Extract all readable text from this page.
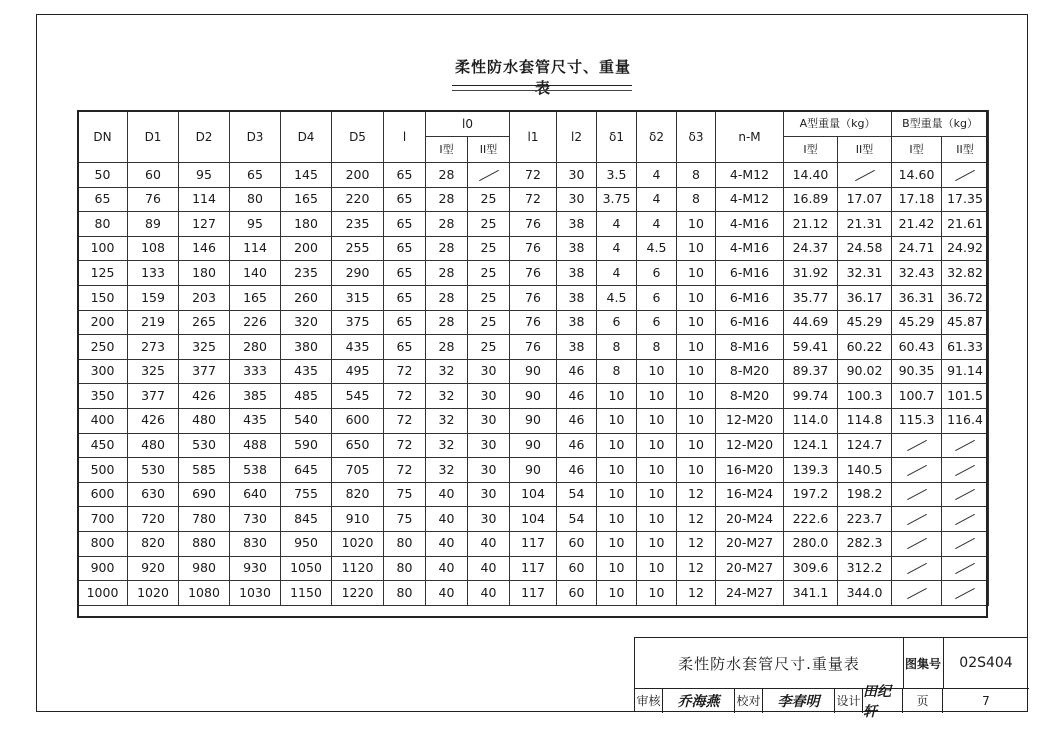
柔性防水套管尺寸、重量表
DN	D1	D2	D3	D4	D5	l	l0		l1	l2	δ1	δ2	δ3	n-M	A型重量（kg）		B型重量（kg）	
							I型	II型							I型	II型	I型	II型
50	60	95	65	145	200	65	28		72	30	3.5	4	8	4-M12	14.40		14.60	
65	76	114	80	165	220	65	28	25	72	30	3.75	4	8	4-M12	16.89	17.07	17.18	17.35
80	89	127	95	180	235	65	28	25	76	38	4	4	10	4-M16	21.12	21.31	21.42	21.61
100	108	146	114	200	255	65	28	25	76	38	4	4.5	10	4-M16	24.37	24.58	24.71	24.92
125	133	180	140	235	290	65	28	25	76	38	4	6	10	6-M16	31.92	32.31	32.43	32.82
150	159	203	165	260	315	65	28	25	76	38	4.5	6	10	6-M16	35.77	36.17	36.31	36.72
200	219	265	226	320	375	65	28	25	76	38	6	6	10	6-M16	44.69	45.29	45.29	45.87
250	273	325	280	380	435	65	28	25	76	38	8	8	10	8-M16	59.41	60.22	60.43	61.33
300	325	377	333	435	495	72	32	30	90	46	8	10	10	8-M20	89.37	90.02	90.35	91.14
350	377	426	385	485	545	72	32	30	90	46	10	10	10	8-M20	99.74	100.3	100.7	101.5
400	426	480	435	540	600	72	32	30	90	46	10	10	10	12-M20	114.0	114.8	115.3	116.4
450	480	530	488	590	650	72	32	30	90	46	10	10	10	12-M20	124.1	124.7		
500	530	585	538	645	705	72	32	30	90	46	10	10	10	16-M20	139.3	140.5		
600	630	690	640	755	820	75	40	30	104	54	10	10	12	16-M24	197.2	198.2		
700	720	780	730	845	910	75	40	30	104	54	10	10	12	20-M24	222.6	223.7		
800	820	880	830	950	1020	80	40	40	117	60	10	10	12	20-M27	280.0	282.3		
900	920	980	930	1050	1120	80	40	40	117	60	10	10	12	20-M27	309.6	312.2		
1000	1020	1080	1030	1150	1220	80	40	40	117	60	10	10	12	24-M27	341.1	344.0		
柔性防水套管尺寸.重量表	图集号	02S404
审核	乔海燕	校对	李春明	设计
田纪轩
页	7
